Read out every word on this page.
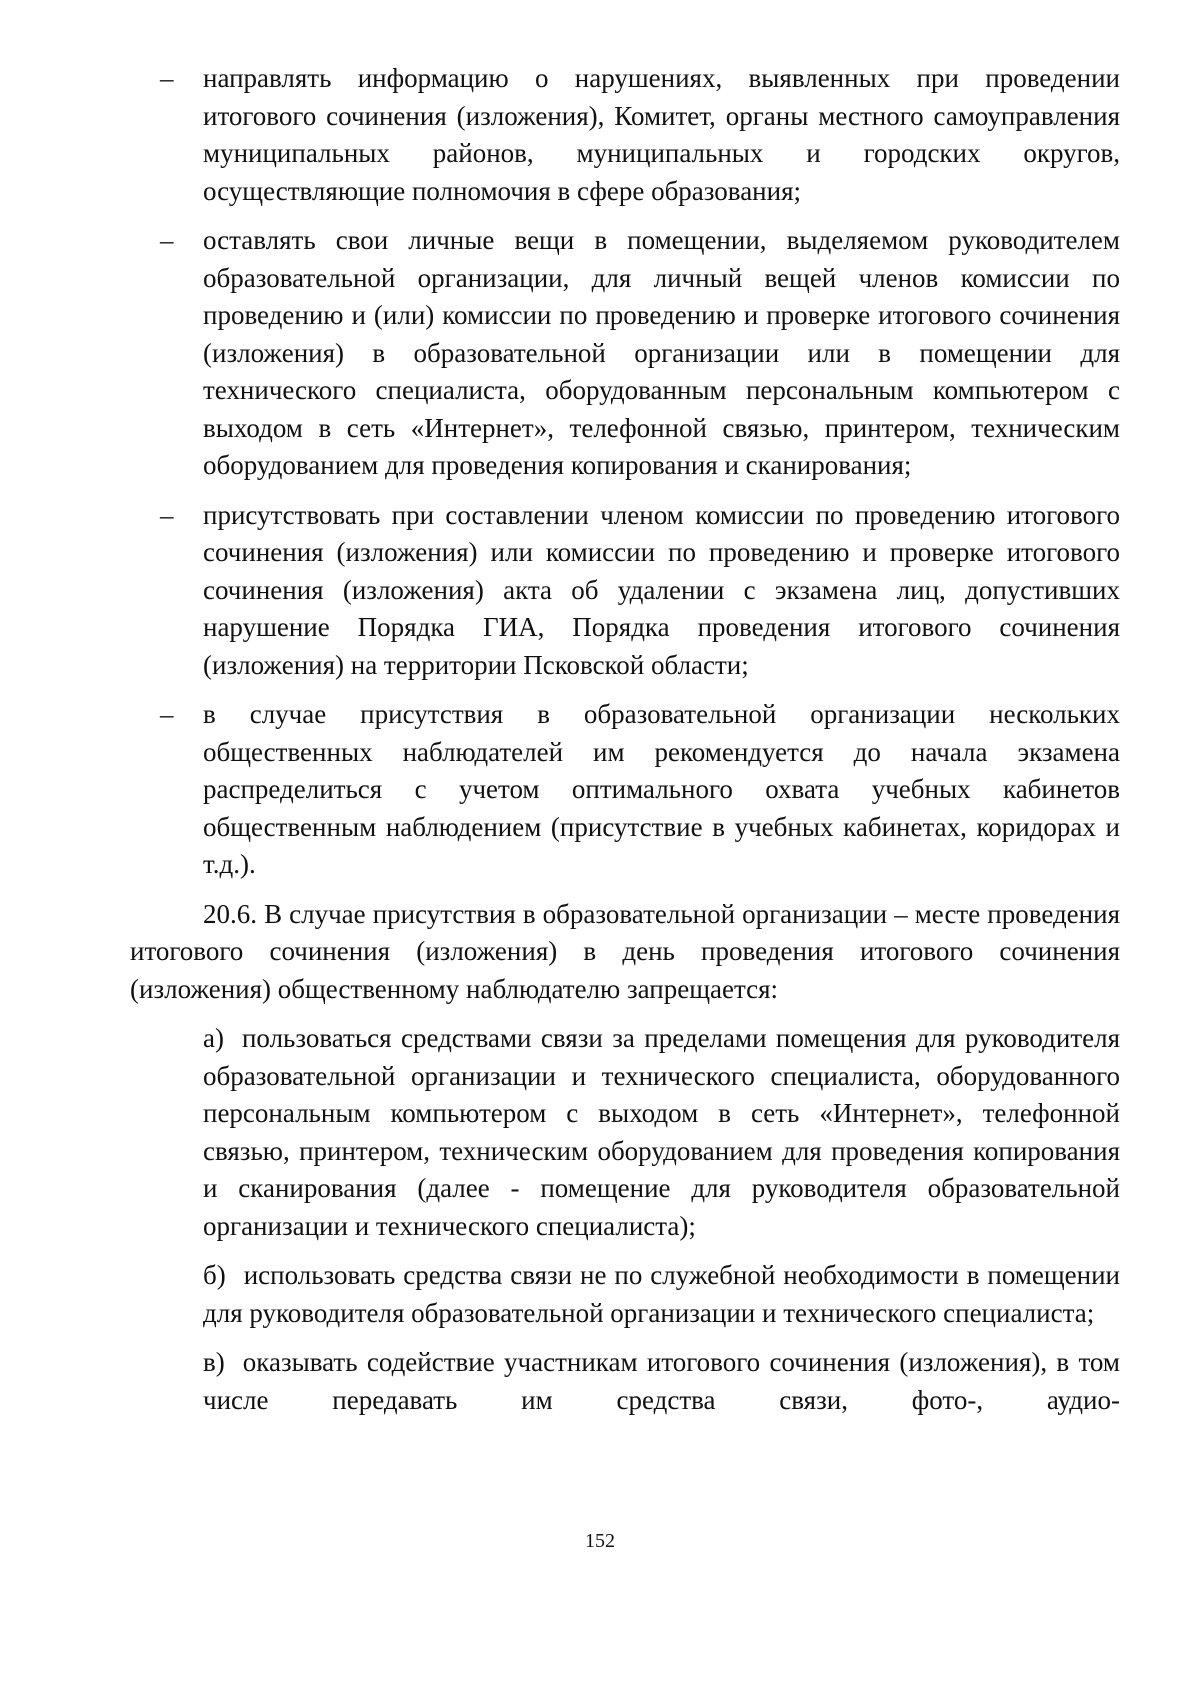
– направлять информацию о нарушениях, выявленных при проведении итогового сочинения (изложения), Комитет, органы местного самоуправления муниципальных районов, муниципальных и городских округов, осуществляющие полномочия в сфере образования;

– оставлять свои личные вещи в помещении, выделяемом руководителем образовательной организации, для личный вещей членов комиссии по проведению и (или) комиссии по проведению и проверке итогового сочинения (изложения) в образовательной организации или в помещении для технического специалиста, оборудованным персональным компьютером с выходом в сеть «Интернет», телефонной связью, принтером, техническим оборудованием для проведения копирования и сканирования;

– присутствовать при составлении членом комиссии по проведению итогового сочинения (изложения) или комиссии по проведению и проверке итогового сочинения (изложения) акта об удалении с экзамена лиц, допустивших нарушение Порядка ГИА, Порядка проведения итогового сочинения (изложения) на территории Псковской области;

– в случае присутствия в образовательной организации нескольких общественных наблюдателей им рекомендуется до начала экзамена распределиться с учетом оптимального охвата учебных кабинетов общественным наблюдением (присутствие в учебных кабинетах, коридорах и т.д.).

20.6. В случае присутствия в образовательной организации – месте проведения итогового сочинения (изложения) в день проведения итогового сочинения (изложения) общественному наблюдателю запрещается:

а) пользоваться средствами связи за пределами помещения для руководителя образовательной организации и технического специалиста, оборудованного персональным компьютером с выходом в сеть «Интернет», телефонной связью, принтером, техническим оборудованием для проведения копирования и сканирования (далее - помещение для руководителя образовательной организации и технического специалиста);

б) использовать средства связи не по служебной необходимости в помещении для руководителя образовательной организации и технического специалиста;

в) оказывать содействие участникам итогового сочинения (изложения), в том числе передавать им средства связи, фото-, аудио-

152
